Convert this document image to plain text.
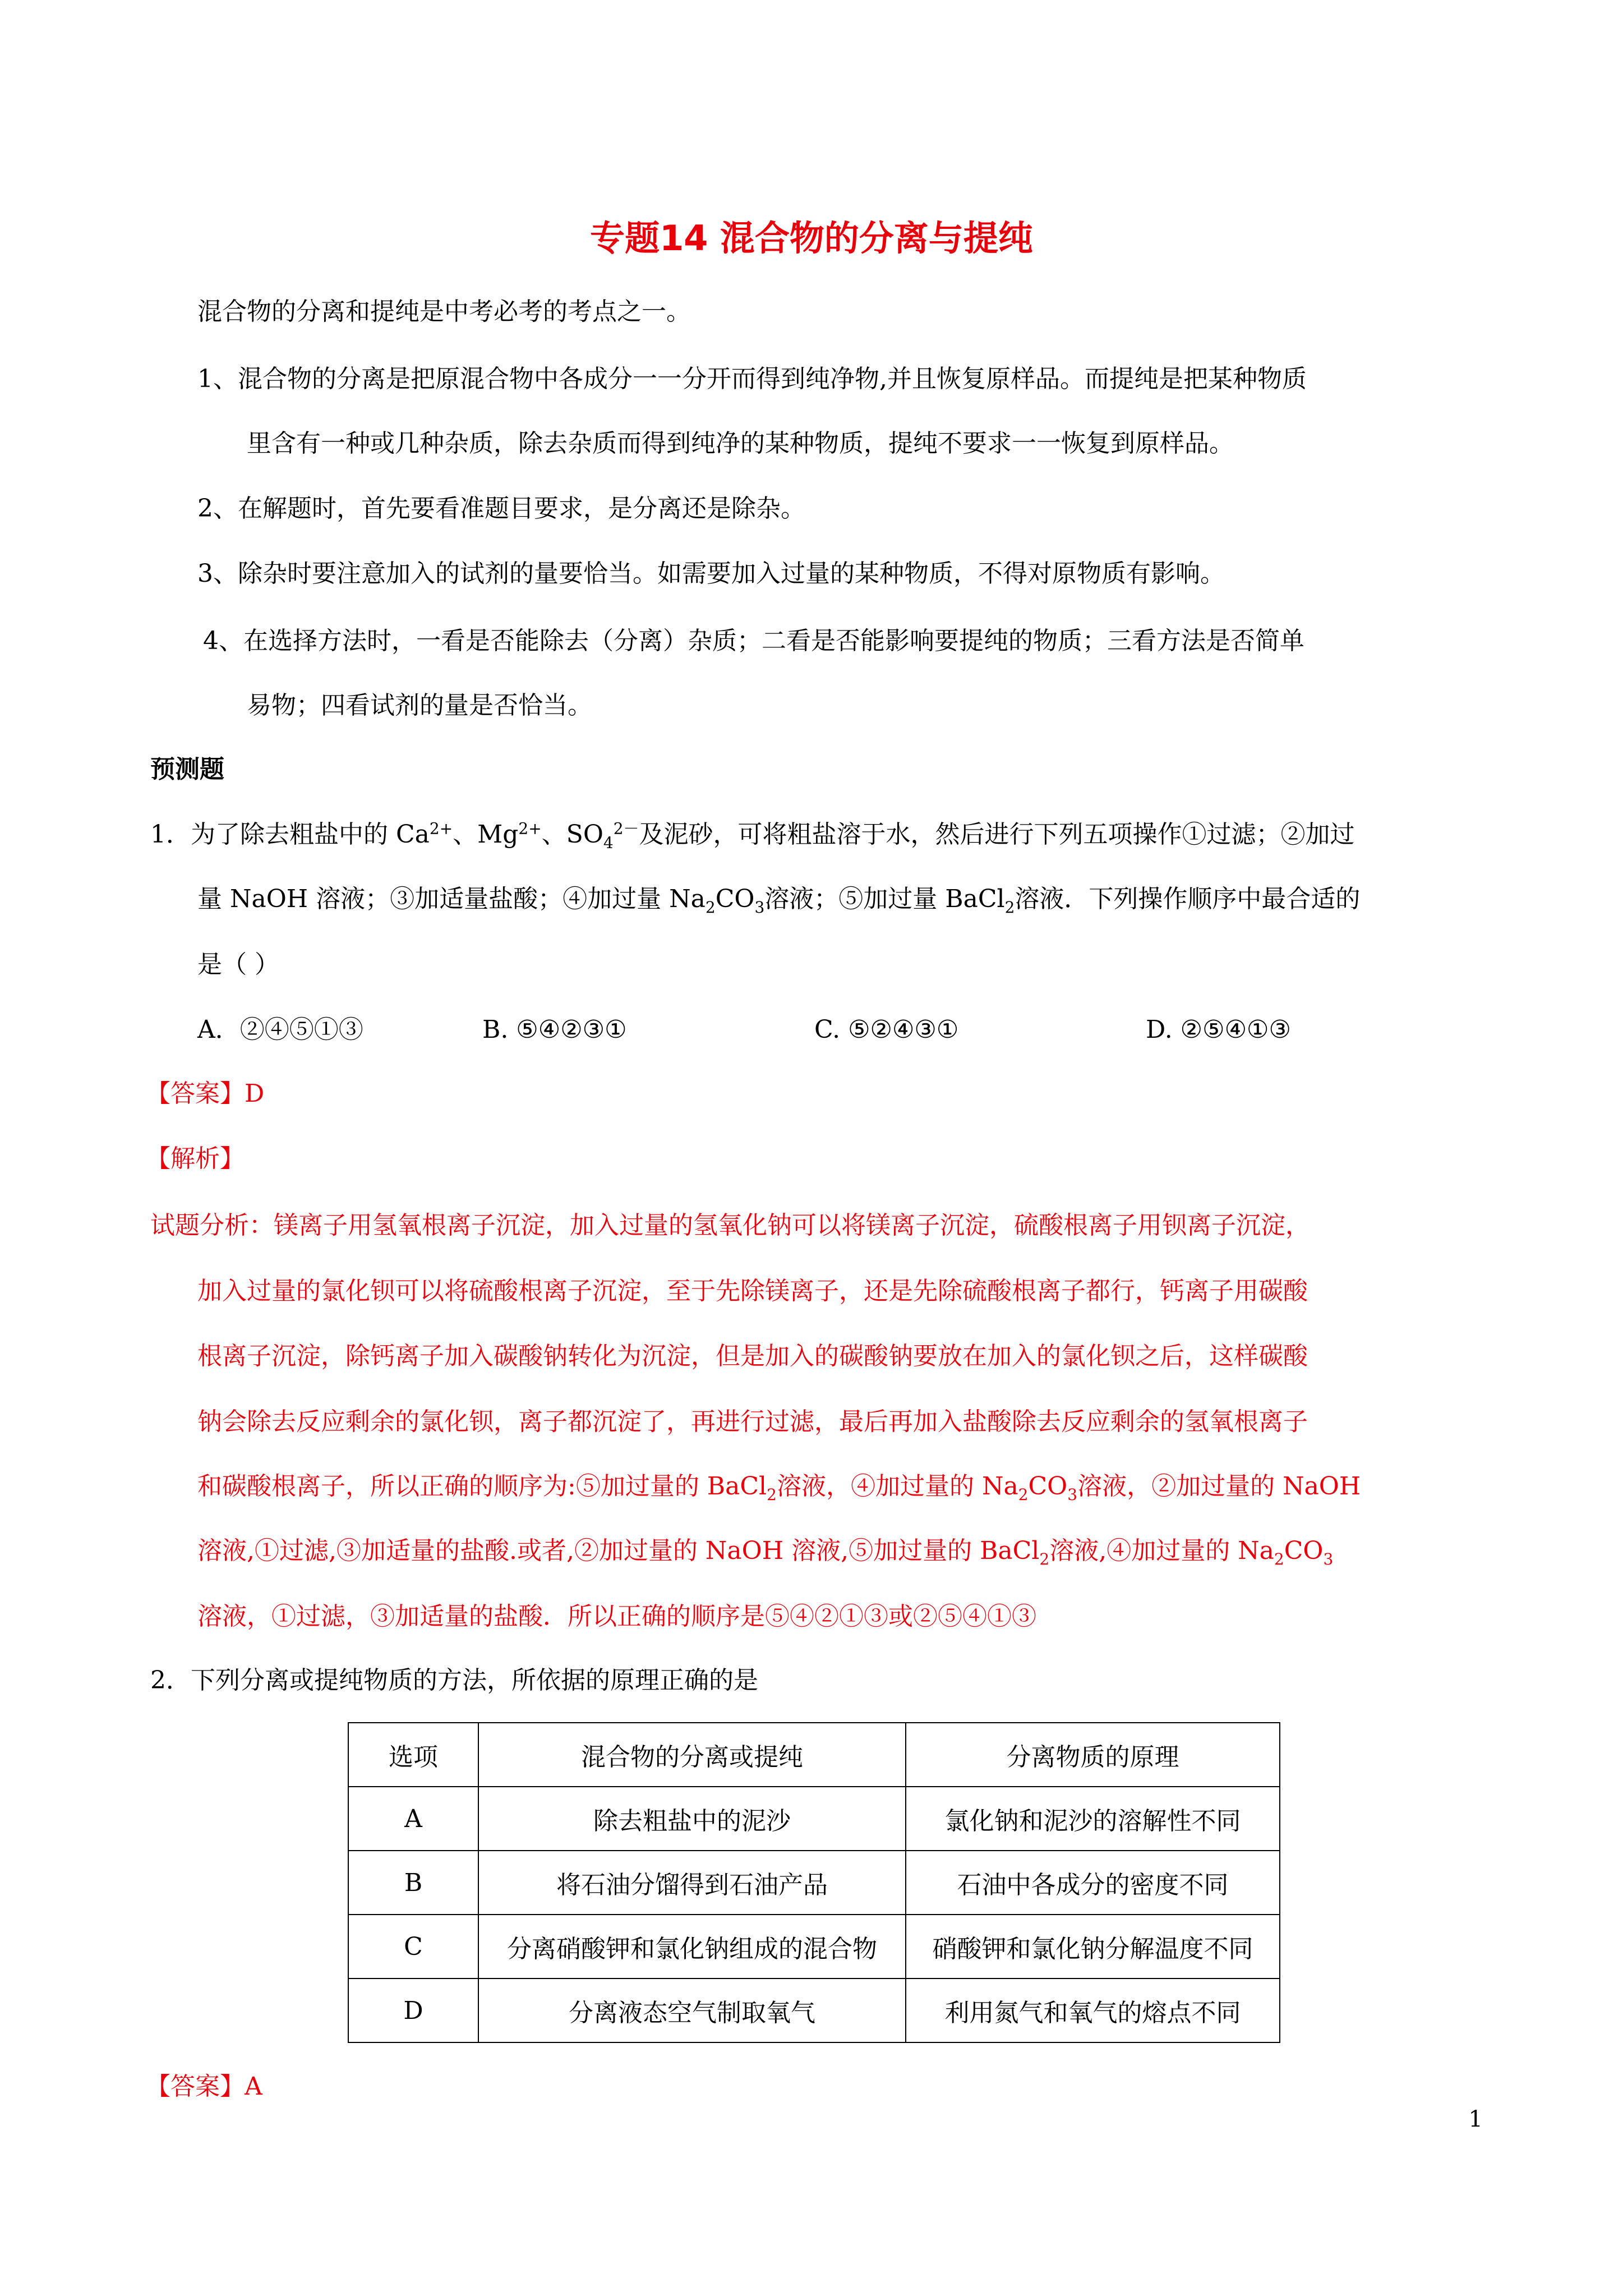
专题14 混合物的分离与提纯
混合物的分离和提纯是中考必考的考点之一。
1、混合物的分离是把原混合物中各成分一一分开而得到纯净物,并且恢复原样品。而提纯是把某种物质
里含有一种或几种杂质，除去杂质而得到纯净的某种物质，提纯不要求一一恢复到原样品。
2、在解题时，首先要看准题目要求，是分离还是除杂。
3、除杂时要注意加入的试剂的量要恰当。如需要加入过量的某种物质，不得对原物质有影响。
4、在选择方法时，一看是否能除去（分离）杂质；二看是否能影响要提纯的物质；三看方法是否简单
易物；四看试剂的量是否恰当。
预测题
1．为了除去粗盐中的 $Ca^{2+}$、$Mg^{2+}$、$SO_4^{2-}$及泥砂，可将粗盐溶于水，然后进行下列五项操作①过滤；②加过
量 NaOH 溶液；③加适量盐酸；④加过量 $Na_2CO_3$溶液；⑤加过量 BaCl$_2$溶液．下列操作顺序中最合适的
是（ ）
A．②④⑤①③	B. ⑤④②③①	C. ⑤②④③①	D. ②⑤④①③
【答案】D
【解析】
试题分析：镁离子用氢氧根离子沉淀，加入过量的氢氧化钠可以将镁离子沉淀，硫酸根离子用钡离子沉淀，
加入过量的氯化钡可以将硫酸根离子沉淀，至于先除镁离子，还是先除硫酸根离子都行，钙离子用碳酸
根离子沉淀，除钙离子加入碳酸钠转化为沉淀，但是加入的碳酸钠要放在加入的氯化钡之后，这样碳酸
钠会除去反应剩余的氯化钡，离子都沉淀了，再进行过滤，最后再加入盐酸除去反应剩余的氢氧根离子
和碳酸根离子，所以正确的顺序为:⑤加过量的 BaCl$_2$溶液，④加过量的 $Na_2CO_3$溶液，②加过量的 NaOH
溶液,①过滤,③加适量的盐酸.或者,②加过量的 NaOH 溶液,⑤加过量的 BaCl$_2$溶液,④加过量的 $Na_2CO_3$
溶液，①过滤，③加适量的盐酸．所以正确的顺序是⑤④②①③或②⑤④①③
2．下列分离或提纯物质的方法，所依据的原理正确的是
选项	混合物的分离或提纯	分离物质的原理
A	除去粗盐中的泥沙	氯化钠和泥沙的溶解性不同
B	将石油分馏得到石油产品	石油中各成分的密度不同
C	分离硝酸钾和氯化钠组成的混合物	硝酸钾和氯化钠分解温度不同
D	分离液态空气制取氧气	利用氮气和氧气的熔点不同
【答案】A
1
